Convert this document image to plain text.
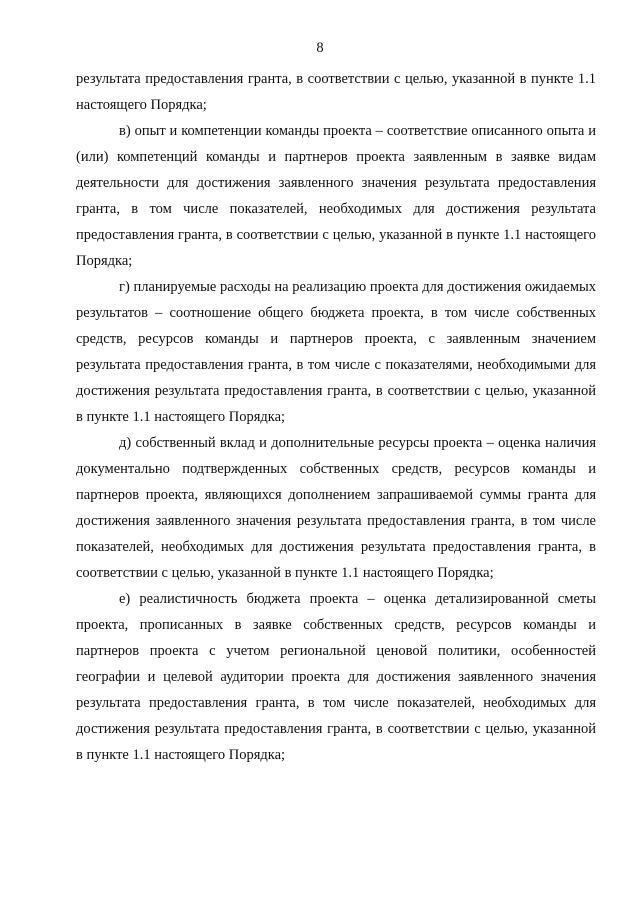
8

результата предоставления гранта, в соответствии с целью, указанной в пункте 1.1 настоящего Порядка;

в) опыт и компетенции команды проекта – соответствие описанного опыта и (или) компетенций команды и партнеров проекта заявленным в заявке видам деятельности для достижения заявленного значения результата предоставления гранта, в том числе показателей, необходимых для достижения результата предоставления гранта, в соответствии с целью, указанной в пункте 1.1 настоящего Порядка;

г) планируемые расходы на реализацию проекта для достижения ожидаемых результатов – соотношение общего бюджета проекта, в том числе собственных средств, ресурсов команды и партнеров проекта, с заявленным значением результата предоставления гранта, в том числе с показателями, необходимыми для достижения результата предоставления гранта, в соответствии с целью, указанной в пункте 1.1 настоящего Порядка;

д) собственный вклад и дополнительные ресурсы проекта – оценка наличия документально подтвержденных собственных средств, ресурсов команды и партнеров проекта, являющихся дополнением запрашиваемой суммы гранта для достижения заявленного значения результата предоставления гранта, в том числе показателей, необходимых для достижения результата предоставления гранта, в соответствии с целью, указанной в пункте 1.1 настоящего Порядка;

е) реалистичность бюджета проекта – оценка детализированной сметы проекта, прописанных в заявке собственных средств, ресурсов команды и партнеров проекта с учетом региональной ценовой политики, особенностей географии и целевой аудитории проекта для достижения заявленного значения результата предоставления гранта, в том числе показателей, необходимых для достижения результата предоставления гранта, в соответствии с целью, указанной в пункте 1.1 настоящего Порядка;
